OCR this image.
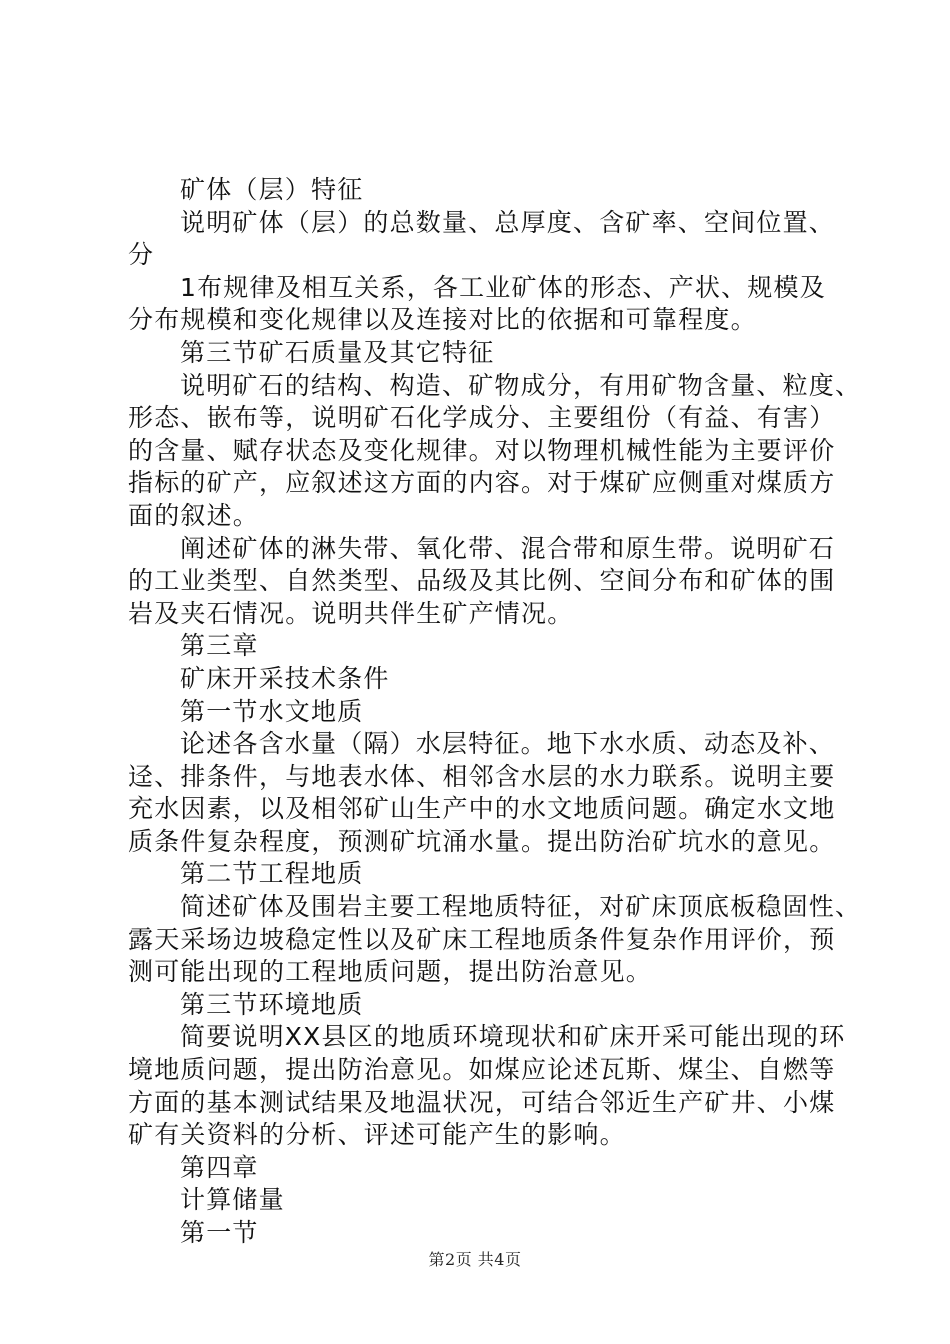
矿体（层）特征
说明矿体（层）的总数量、总厚度、含矿率、空间位置、
分
1布规律及相互关系，各工业矿体的形态、产状、规模及
分布规模和变化规律以及连接对比的依据和可靠程度。
第三节矿石质量及其它特征
说明矿石的结构、构造、矿物成分，有用矿物含量、粒度、
形态、嵌布等，说明矿石化学成分、主要组份（有益、有害）
的含量、赋存状态及变化规律。对以物理机械性能为主要评价
指标的矿产，应叙述这方面的内容。对于煤矿应侧重对煤质方
面的叙述。
阐述矿体的淋失带、氧化带、混合带和原生带。说明矿石
的工业类型、自然类型、品级及其比例、空间分布和矿体的围
岩及夹石情况。说明共伴生矿产情况。
第三章
矿床开采技术条件
第一节水文地质
论述各含水量（隔）水层特征。地下水水质、动态及补、
迳、排条件，与地表水体、相邻含水层的水力联系。说明主要
充水因素，以及相邻矿山生产中的水文地质问题。确定水文地
质条件复杂程度，预测矿坑涌水量。提出防治矿坑水的意见。
第二节工程地质
简述矿体及围岩主要工程地质特征，对矿床顶底板稳固性、
露天采场边坡稳定性以及矿床工程地质条件复杂作用评价，预
测可能出现的工程地质问题，提出防治意见。
第三节环境地质
简要说明XX县区的地质环境现状和矿床开采可能出现的环
境地质问题，提出防治意见。如煤应论述瓦斯、煤尘、自燃等
方面的基本测试结果及地温状况，可结合邻近生产矿井、小煤
矿有关资料的分析、评述可能产生的影响。
第四章
计算储量
第一节
第2页 共4页
